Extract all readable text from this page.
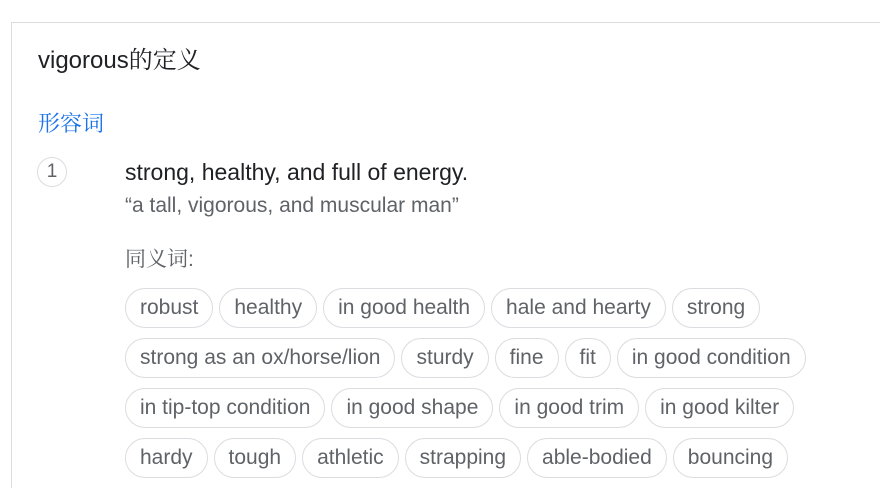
vigorous的定义
形容词
1	strong, healthy, and full of energy.
“a tall, vigorous, and muscular man”
同义词:
robust	healthy	in good health	hale and hearty	strong
strong as an ox/horse/lion	sturdy	fine	fit	in good condition
in tip-top condition	in good shape	in good trim	in good kilter
hardy	tough	athletic	strapping	able-bodied	bouncing
